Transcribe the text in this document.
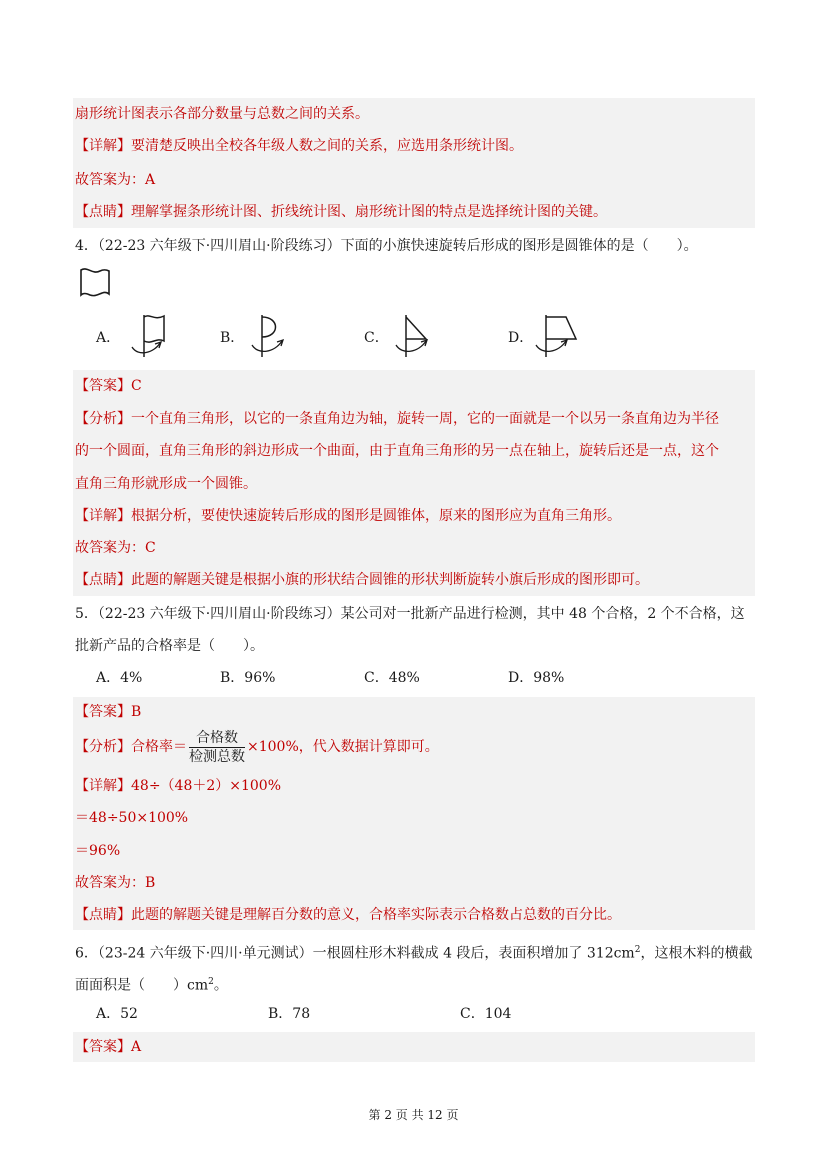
扇形统计图表示各部分数量与总数之间的关系。
【详解】要清楚反映出全校各年级人数之间的关系，应选用条形统计图。
故答案为：A
【点睛】理解掌握条形统计图、折线统计图、扇形统计图的特点是选择统计图的关键。
4．（22-23 六年级下·四川眉山·阶段练习）下面的小旗快速旋转后形成的图形是圆锥体的是（　　）。
A．	B．	C．	D．
【答案】C
【分析】一个直角三角形，以它的一条直角边为轴，旋转一周，它的一面就是一个以另一条直角边为半径
的一个圆面，直角三角形的斜边形成一个曲面，由于直角三角形的另一点在轴上，旋转后还是一点，这个
直角三角形就形成一个圆锥。
【详解】根据分析，要使快速旋转后形成的图形是圆锥体，原来的图形应为直角三角形。
故答案为：C
【点睛】此题的解题关键是根据小旗的形状结合圆锥的形状判断旋转小旗后形成的图形即可。
5．（22-23 六年级下·四川眉山·阶段练习）某公司对一批新产品进行检测，其中 48 个合格，2 个不合格，这
批新产品的合格率是（　　）。
A．4%	B．96%	C．48%	D．98%
【答案】B
【分析】合格率＝ $\frac{\text{合格数}}{\text{检测总数}} \times 100\%$，代入数据计算即可。
【详解】48÷（48＋2）×100%
＝48÷50×100%
＝96%
故答案为：B
【点睛】此题的解题关键是理解百分数的意义，合格率实际表示合格数占总数的百分比。
6．（23-24 六年级下·四川·单元测试）一根圆柱形木料截成 4 段后，表面积增加了 $312cm^2$，这根木料的横截
面面积是（　　）$cm^2$。
A．52	B．78	C．104
【答案】A
第 2 页 共 12 页
